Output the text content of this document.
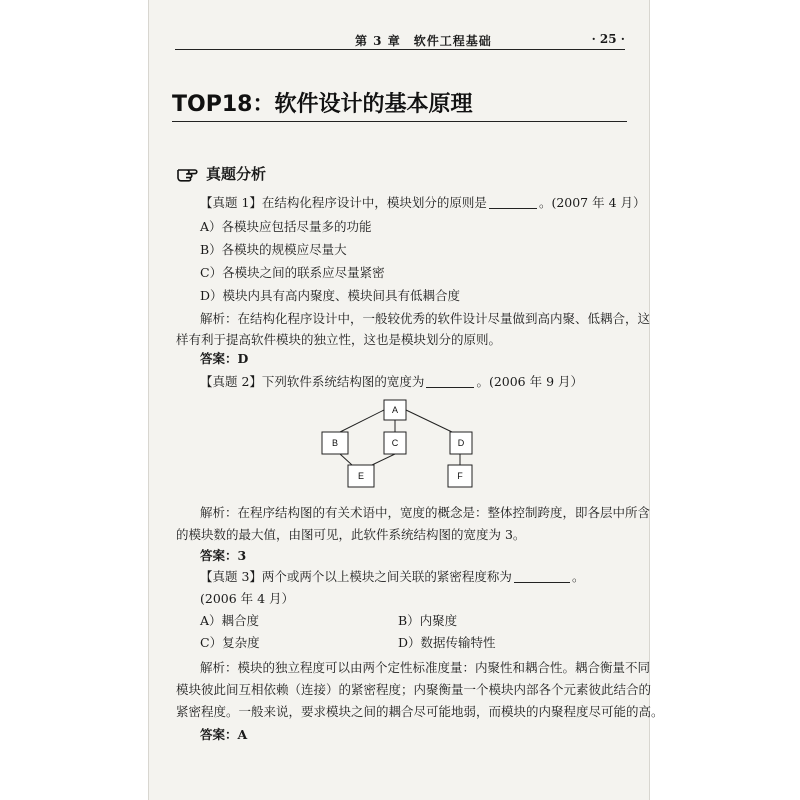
第 3 章　软件工程基础	· 25 ·
TOP18：软件设计的基本原理
真题分析
【真题 1】在结构化程序设计中，模块划分的原则是	。(2007 年 4 月）
A）各模块应包括尽量多的功能
B）各模块的规模应尽量大
C）各模块之间的联系应尽量紧密
D）模块内具有高内聚度、模块间具有低耦合度
解析：在结构化程序设计中，一般较优秀的软件设计尽量做到高内聚、低耦合，这
样有利于提高软件模块的独立性，这也是模块划分的原则。
答案：D
【真题 2】下列软件系统结构图的宽度为	。(2006 年 9 月）
A
B	C	D
E	F
解析：在程序结构图的有关术语中，宽度的概念是：整体控制跨度，即各层中所含
的模块数的最大值，由图可见，此软件系统结构图的宽度为 3。
答案：3
【真题 3】两个或两个以上模块之间关联的紧密程度称为	。
(2006 年 4 月）
A）耦合度	B）内聚度
C）复杂度	D）数据传输特性
解析：模块的独立程度可以由两个定性标准度量：内聚性和耦合性。耦合衡量不同
模块彼此间互相依赖（连接）的紧密程度；内聚衡量一个模块内部各个元素彼此结合的
紧密程度。一般来说，要求模块之间的耦合尽可能地弱，而模块的内聚程度尽可能的高。
答案：A
